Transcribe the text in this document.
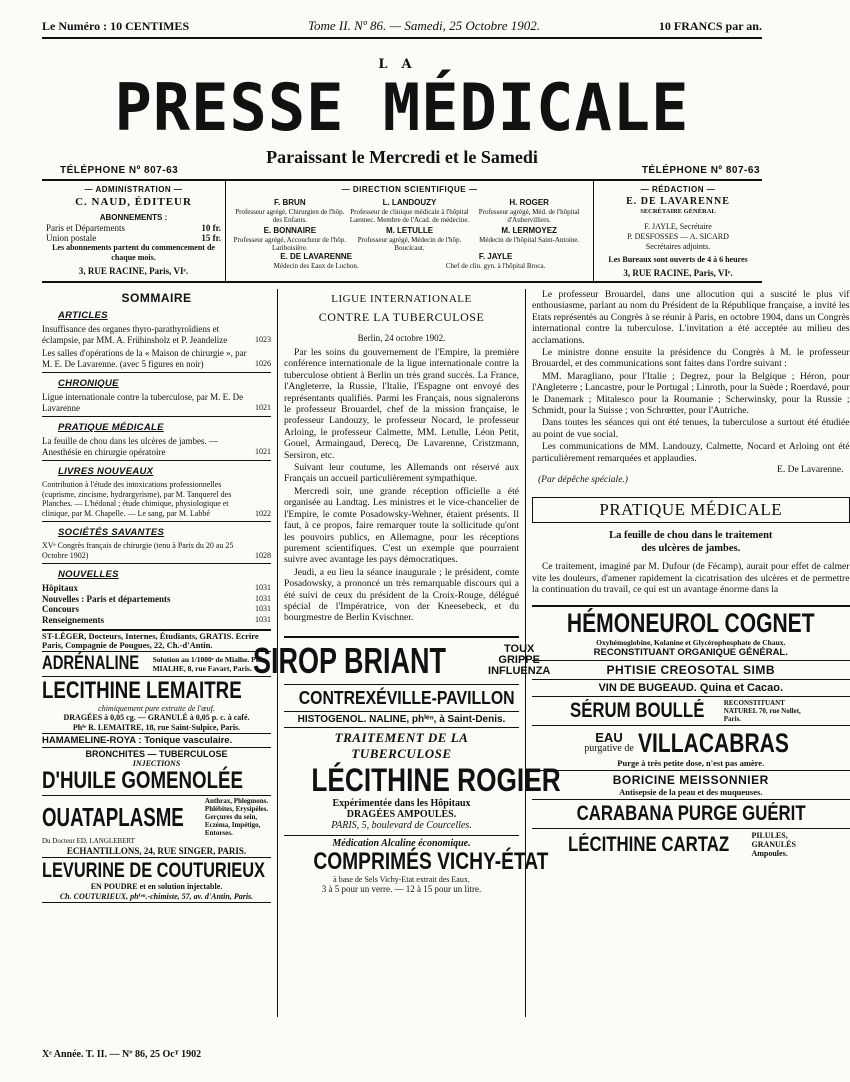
Le Numéro : 10 CENTIMES	Tome II. Nº 86. — Samedi, 25 Octobre 1902.	10 FRANCS par an.
LA
PRESSE MÉDICALE
Paraissant le Mercredi et le Samedi
TÉLÉPHONE Nº 807-63	TÉLÉPHONE Nº 807-63
— ADMINISTRATION —
C. NAUD, ÉDITEUR
ABONNEMENTS :
Paris et Départements	10 fr.
Union postale	15 fr.
Les abonnements partent du commencement de chaque mois.
3, RUE RACINE, Paris, VIᵉ.
— DIRECTION SCIENTIFIQUE —
F. BRUN
Professeur agrégé, Chirurgien de l'hôp. des Enfants.
L. LANDOUZY
Professeur de clinique médicale à l'hôpital Laennec. Membre de l'Acad. de médecine.
H. ROGER
Professeur agrégé, Méd. de l'hôpital d'Aubervilliers.
E. BONNAIRE
Professeur agrégé, Accoucheur de l'hôp. Lariboisière.
M. LETULLE
Professeur agrégé, Médecin de l'hôp. Boucicaut.
M. LERMOYEZ
Médecin de l'hôpital Saint-Antoine.
E. DE LAVARENNE
Médecin des Eaux de Luchon.
F. JAYLE
Chef de clin. gyn. à l'hôpital Broca.
— RÉDACTION —
E. DE LAVARENNE
SECRÉTAIRE GÉNÉRAL
F. JAYLE, Secrétaire
P. DESFOSSES — A. SICARD
Secrétaires adjoints.
Les Bureaux sont ouverts de 4 à 6 heures
3, RUE RACINE, Paris, VIᵉ.
SOMMAIRE
ARTICLES
Insuffisance des organes thyro-parathyroïdiens et éclampsie, par MM. A. Frühinsholz et P. Jeandelize	1023
Les salles d'opérations de la « Maison de chirurgie », par M. E. De Lavarenne. (avec 5 figures en noir)	1026
CHRONIQUE
Ligue internationale contre la tuberculose, par M. E. De Lavarenne	1021
PRATIQUE MÉDICALE
La feuille de chou dans les ulcères de jambes. — Anesthésie en chirurgie opératoire	1021
LIVRES NOUVEAUX
Contribution à l'étude des intoxications professionnelles (cuprisme, zincisme, hydrargyrisme), par M. Tanquerel des Planches. — L'hédonal ; étude chimique, physiologique et clinique, par M. Chapelle. — Le sang, par M. Labbé	1022
SOCIÉTÉS SAVANTES
XVᵉ Congrès français de chirurgie (tenu à Paris du 20 au 25 Octobre 1902)	1028
NOUVELLES
Hôpitaux	1031
Nouvelles : Paris et départements	1031
Concours	1031
Renseignements	1031
ST-LÉGER, Docteurs, Internes, Étudiants, GRATIS. Ecrire Paris, Compagnie de Pougues, 22, Ch.-d'Antin.
ADRÉNALINE Solution au 1/1000ᵉ de Mialhe. Phⁱᵉ MIALHE, 8, rue Favart, Paris.
LECITHINE LEMAITRE
chimiquement pure extraite de l'œuf.
DRAGÉES à 0,05 cg. — GRANULÉ à 0,05 p. c. à café.
Phⁱᵉ R. LEMAITRE, 18, rue Saint-Sulpice, Paris.
HAMAMELINE-ROYA : Tonique vasculaire.
BRONCHITES — TUBERCULOSE
INJECTIONS
D'HUILE GOMENOLÉE
OUATAPLASME
Anthrax, Phlegmons. Phlébites, Erysipèles. Gerçures du sein, Eczéma, Impétigo, Entorses.
Du Docteur ED. LANGLEBERT
ECHANTILLONS, 24, RUE SINGER, PARIS.
LEVURINE DE COUTURIEUX
EN POUDRE et en solution injectable.
Ch. COUTURIEUX, phⁱᵉⁿ.-chimiste, 57, av. d'Antin, Paris.
LIGUE INTERNATIONALE
CONTRE LA TUBERCULOSE
Berlin, 24 octobre 1902.
Par les soins du gouvernement de l'Empire, la première conférence internationale de la ligue internationale contre la tuberculose obtient à Berlin un très grand succès. La France, l'Angleterre, la Russie, l'Italie, l'Espagne ont envoyé des représentants qualifiés. Parmi les Français, nous signalerons le professeur Brouardel, chef de la mission française, le professeur Landouzy, le professeur Nocard, le professeur Arloing, le professeur Calmette, MM. Letulle, Léon Petit, Gouel, Armaingaud, Derecq, De Lavarenne, Cristzmann, Sersiron, etc.
Suivant leur coutume, les Allemands ont réservé aux Français un accueil particulièrement sympathique.
Mercredi soir, une grande réception officielle a été organisée au Landtag. Les ministres et le vice-chancelier de l'Empire, le comte Posadowsky-Wehner, étaient présents. Il faut, à ce propos, faire remarquer toute la sollicitude qu'ont les pouvoirs publics, en Allemagne, pour les réceptions purement scientifiques. C'est un exemple que pourraient suivre avec avantage les pays démocratiques.
Jeudi, a eu lieu la séance inaugurale ; le président, comte Posadowsky, a prononcé un très remarquable discours qui a été suivi de ceux du président de la Croix-Rouge, délégué spécial de l'Impératrice, von der Kneesebeck, et du bourgmestre de Berlin Kvischner.
SIROP BRIANT	TOUX
GRIPPE
INFLUENZA
CONTREXÉVILLE-PAVILLON
HISTOGENOL. NALINE, phⁱᵉⁿ, à Saint-Denis.
TRAITEMENT DE LA TUBERCULOSE
LÉCITHINE ROGIER
Expérimentée dans les Hôpitaux
DRAGÉES AMPOULES.
PARIS, 5, boulevard de Courcelles.
Médication Alcaline économique.
COMPRIMÉS VICHY-ÉTAT
à base de Sels Vichy-Etat extrait des Eaux.
3 à 5 pour un verre. — 12 à 15 pour un litre.
Le professeur Brouardel, dans une allocution qui a suscité le plus vif enthousiasme, parlant au nom du Président de la République française, a invité les Etats représentés au Congrès à se réunir à Paris, en octobre 1904, dans un Congrès international contre la tuberculose. L'invitation a été acceptée au milieu des acclamations.
Le ministre donne ensuite la présidence du Congrès à M. le professeur Brouardel, et des communications sont faites dans l'ordre suivant :
MM. Maragliano, pour l'Italie ; Degrez, pour la Belgique ; Héron, pour l'Angleterre ; Lancastre, pour le Portugal ; Linroth, pour la Suède ; Roerdavé, pour le Danemark ; Mitalesco pour la Roumanie ; Scherwinsky, pour la Russie ; Schmidt, pour la Suisse ; von Schrœtter, pour l'Autriche.
Dans toutes les séances qui ont été tenues, la tuberculose a surtout été étudiée au point de vue social.
Les communications de MM. Landouzy, Calmette, Nocard et Arloing ont été particulièrement remarquées et applaudies.
E. De Lavarenne.
(Par dépêche spéciale.)
PRATIQUE MÉDICALE
La feuille de chou dans le traitement
des ulcères de jambes.
Ce traitement, imaginé par M. Dufour (de Fécamp), aurait pour effet de calmer vite les douleurs, d'amener rapidement la cicatrisation des ulcères et de permettre la continuation du travail, ce qui est un avantage énorme dans la
HÉMONEUROL COGNET
Oxyhémoglobine, Kolanine et Glycérophosphate de Chaux.
RECONSTITUANT ORGANIQUE GÉNÉRAL.
PHTISIE CREOSOTAL SIMB
VIN DE BUGEAUD. Quina et Cacao.
SÉRUM BOULLÉ	RECONSTITUANT NATUREL 70, rue Nollet, Paris.
EAU
purgative de VILLACABRAS
Purge à très petite dose, n'est pas amère.
BORICINE MEISSONNIER
Antisepsie de la peau et des muqueuses.
CARABANA PURGE GUÉRIT
LÉCITHINE CARTAZ	PILULES, GRANULÉS Ampoules.
Xᵉ Année. T. II. — Nº 86, 25 Ocᵀ 1902
